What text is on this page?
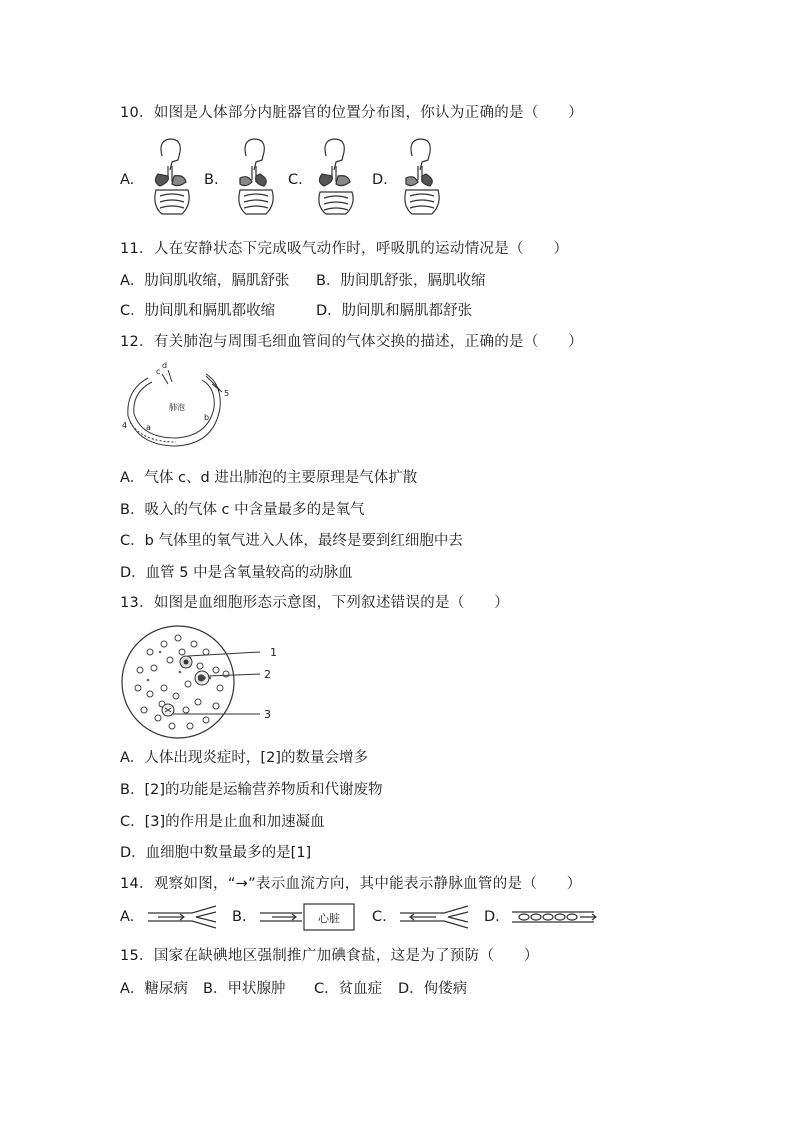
10．如图是人体部分内脏器官的位置分布图，你认为正确的是（　　）
A.	B.	C.	D.
11．人在安静状态下完成吸气动作时，呼吸肌的运动情况是（　　）
A．肋间肌收缩，膈肌舒张 B．肋间肌舒张，膈肌收缩
C．肋间肌和膈肌都收缩	D．肋间肌和膈肌都舒张
12．有关肺泡与周围毛细血管间的气体交换的描述，正确的是（　　）
肺泡
c
d
5
4
b
a
A．气体 c、d 进出肺泡的主要原理是气体扩散
B．吸入的气体 c 中含量最多的是氧气
C．b 气体里的氧气进入人体，最终是要到红细胞中去
D．血管 5 中是含氧量较高的动脉血
13．如图是血细胞形态示意图，下列叙述错误的是（　　）
1
2
3
A．人体出现炎症时，[2]的数量会增多
B．[2]的功能是运输营养物质和代谢废物
C．[3]的作用是止血和加速凝血
D．血细胞中数量最多的是[1]
14．观察如图，“→”表示血流方向，其中能表示静脉血管的是（　　）
A.	B.	心脏 C.	D.
15．国家在缺碘地区强制推广加碘食盐，这是为了预防（　　）
A．糖尿病 B．甲状腺肿 C．贫血症 D．佝偻病
